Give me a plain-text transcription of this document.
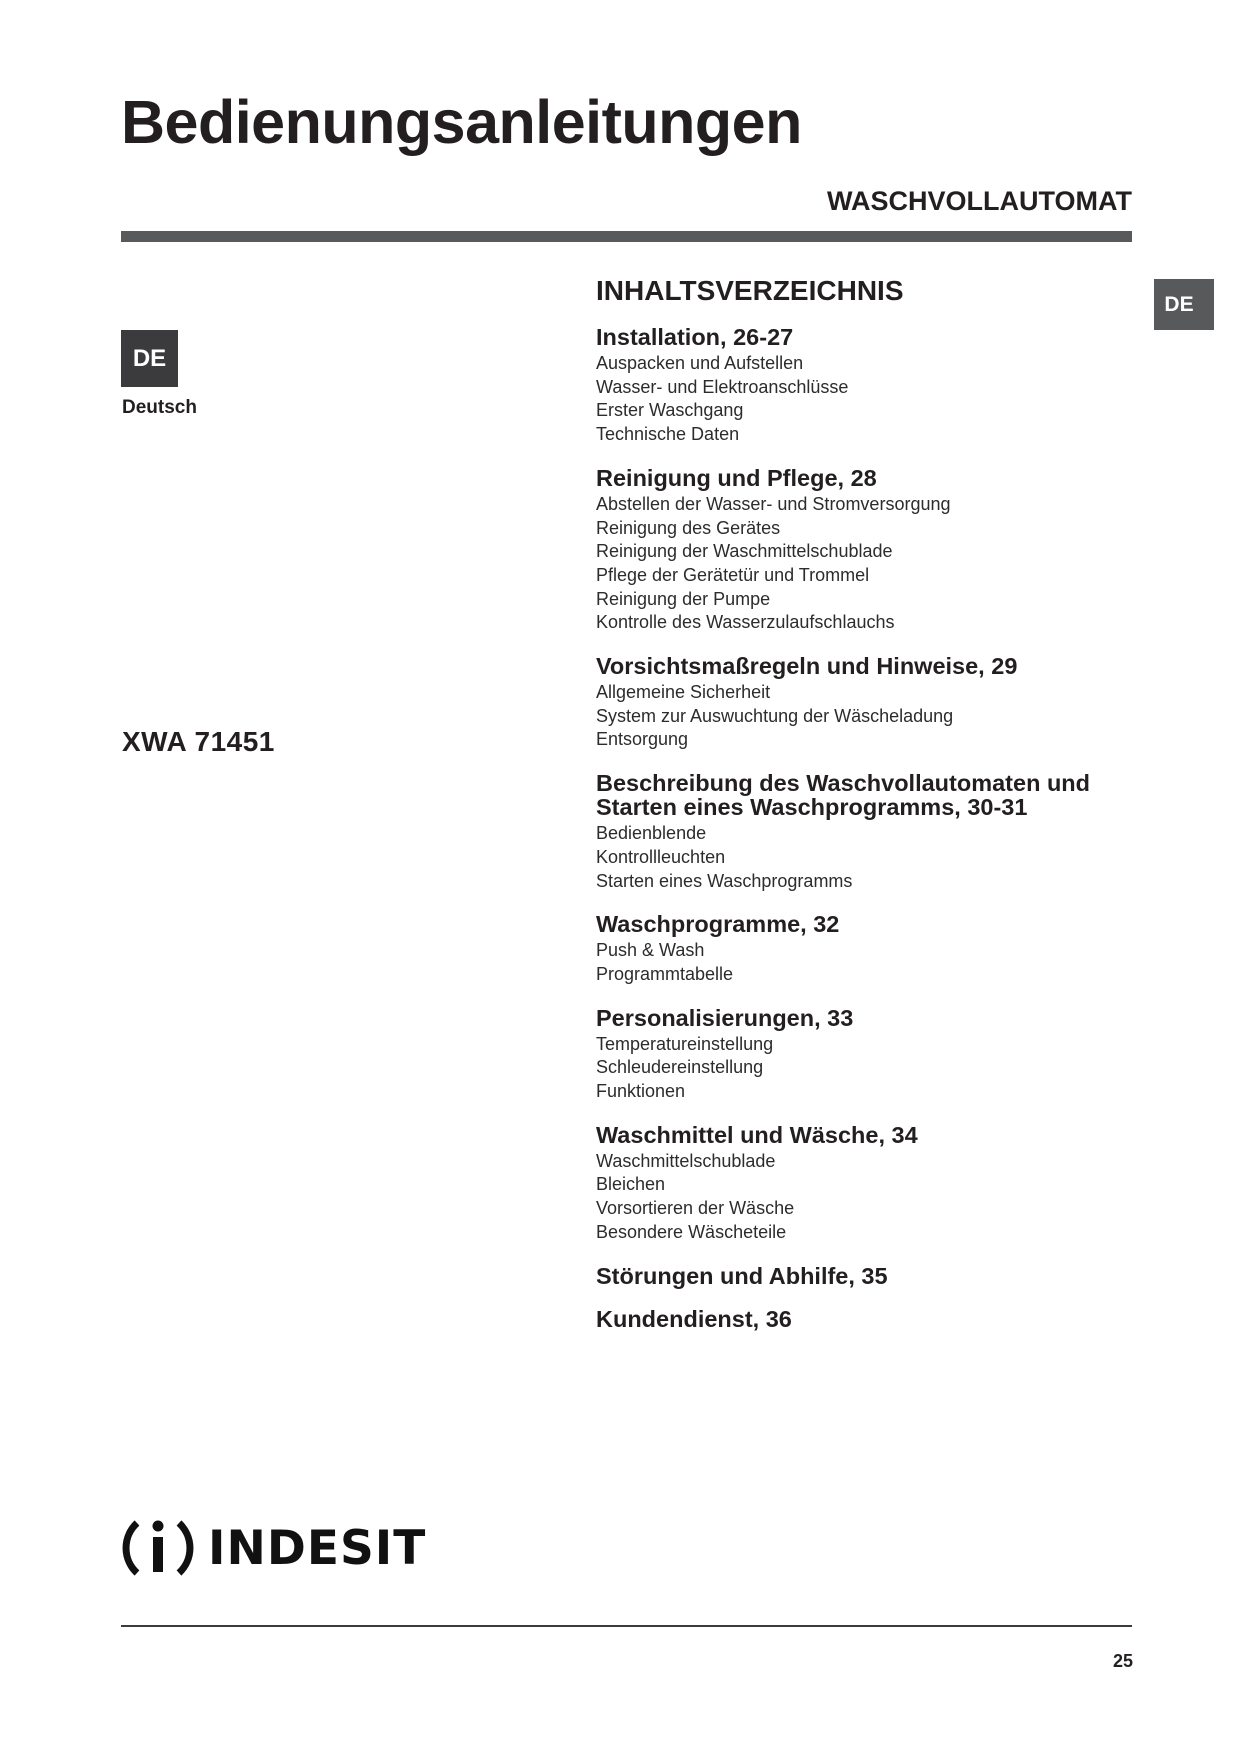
Bedienungsanleitungen
WASCHVOLLAUTOMAT
DE
DE
Deutsch
XWA 71451
INHALTSVERZEICHNIS
Installation, 26-27
Auspacken und Aufstellen
Wasser- und Elektroanschlüsse
Erster Waschgang
Technische Daten
Reinigung und Pflege, 28
Abstellen der Wasser- und Stromversorgung
Reinigung des Gerätes
Reinigung der Waschmittelschublade
Pflege der Gerätetür und Trommel
Reinigung der Pumpe
Kontrolle des Wasserzulaufschlauchs
Vorsichtsmaßregeln und Hinweise, 29
Allgemeine Sicherheit
System zur Auswuchtung der Wäscheladung
Entsorgung
Beschreibung des Waschvollautomaten und Starten eines Waschprogramms, 30-31
Bedienblende
Kontrollleuchten
Starten eines Waschprogramms
Waschprogramme, 32
Push & Wash
Programmtabelle
Personalisierungen, 33
Temperatureinstellung
Schleudereinstellung
Funktionen
Waschmittel und Wäsche, 34
Waschmittelschublade
Bleichen
Vorsortieren der Wäsche
Besondere Wäscheteile
Störungen und Abhilfe, 35
Kundendienst, 36
INDESIT
25
